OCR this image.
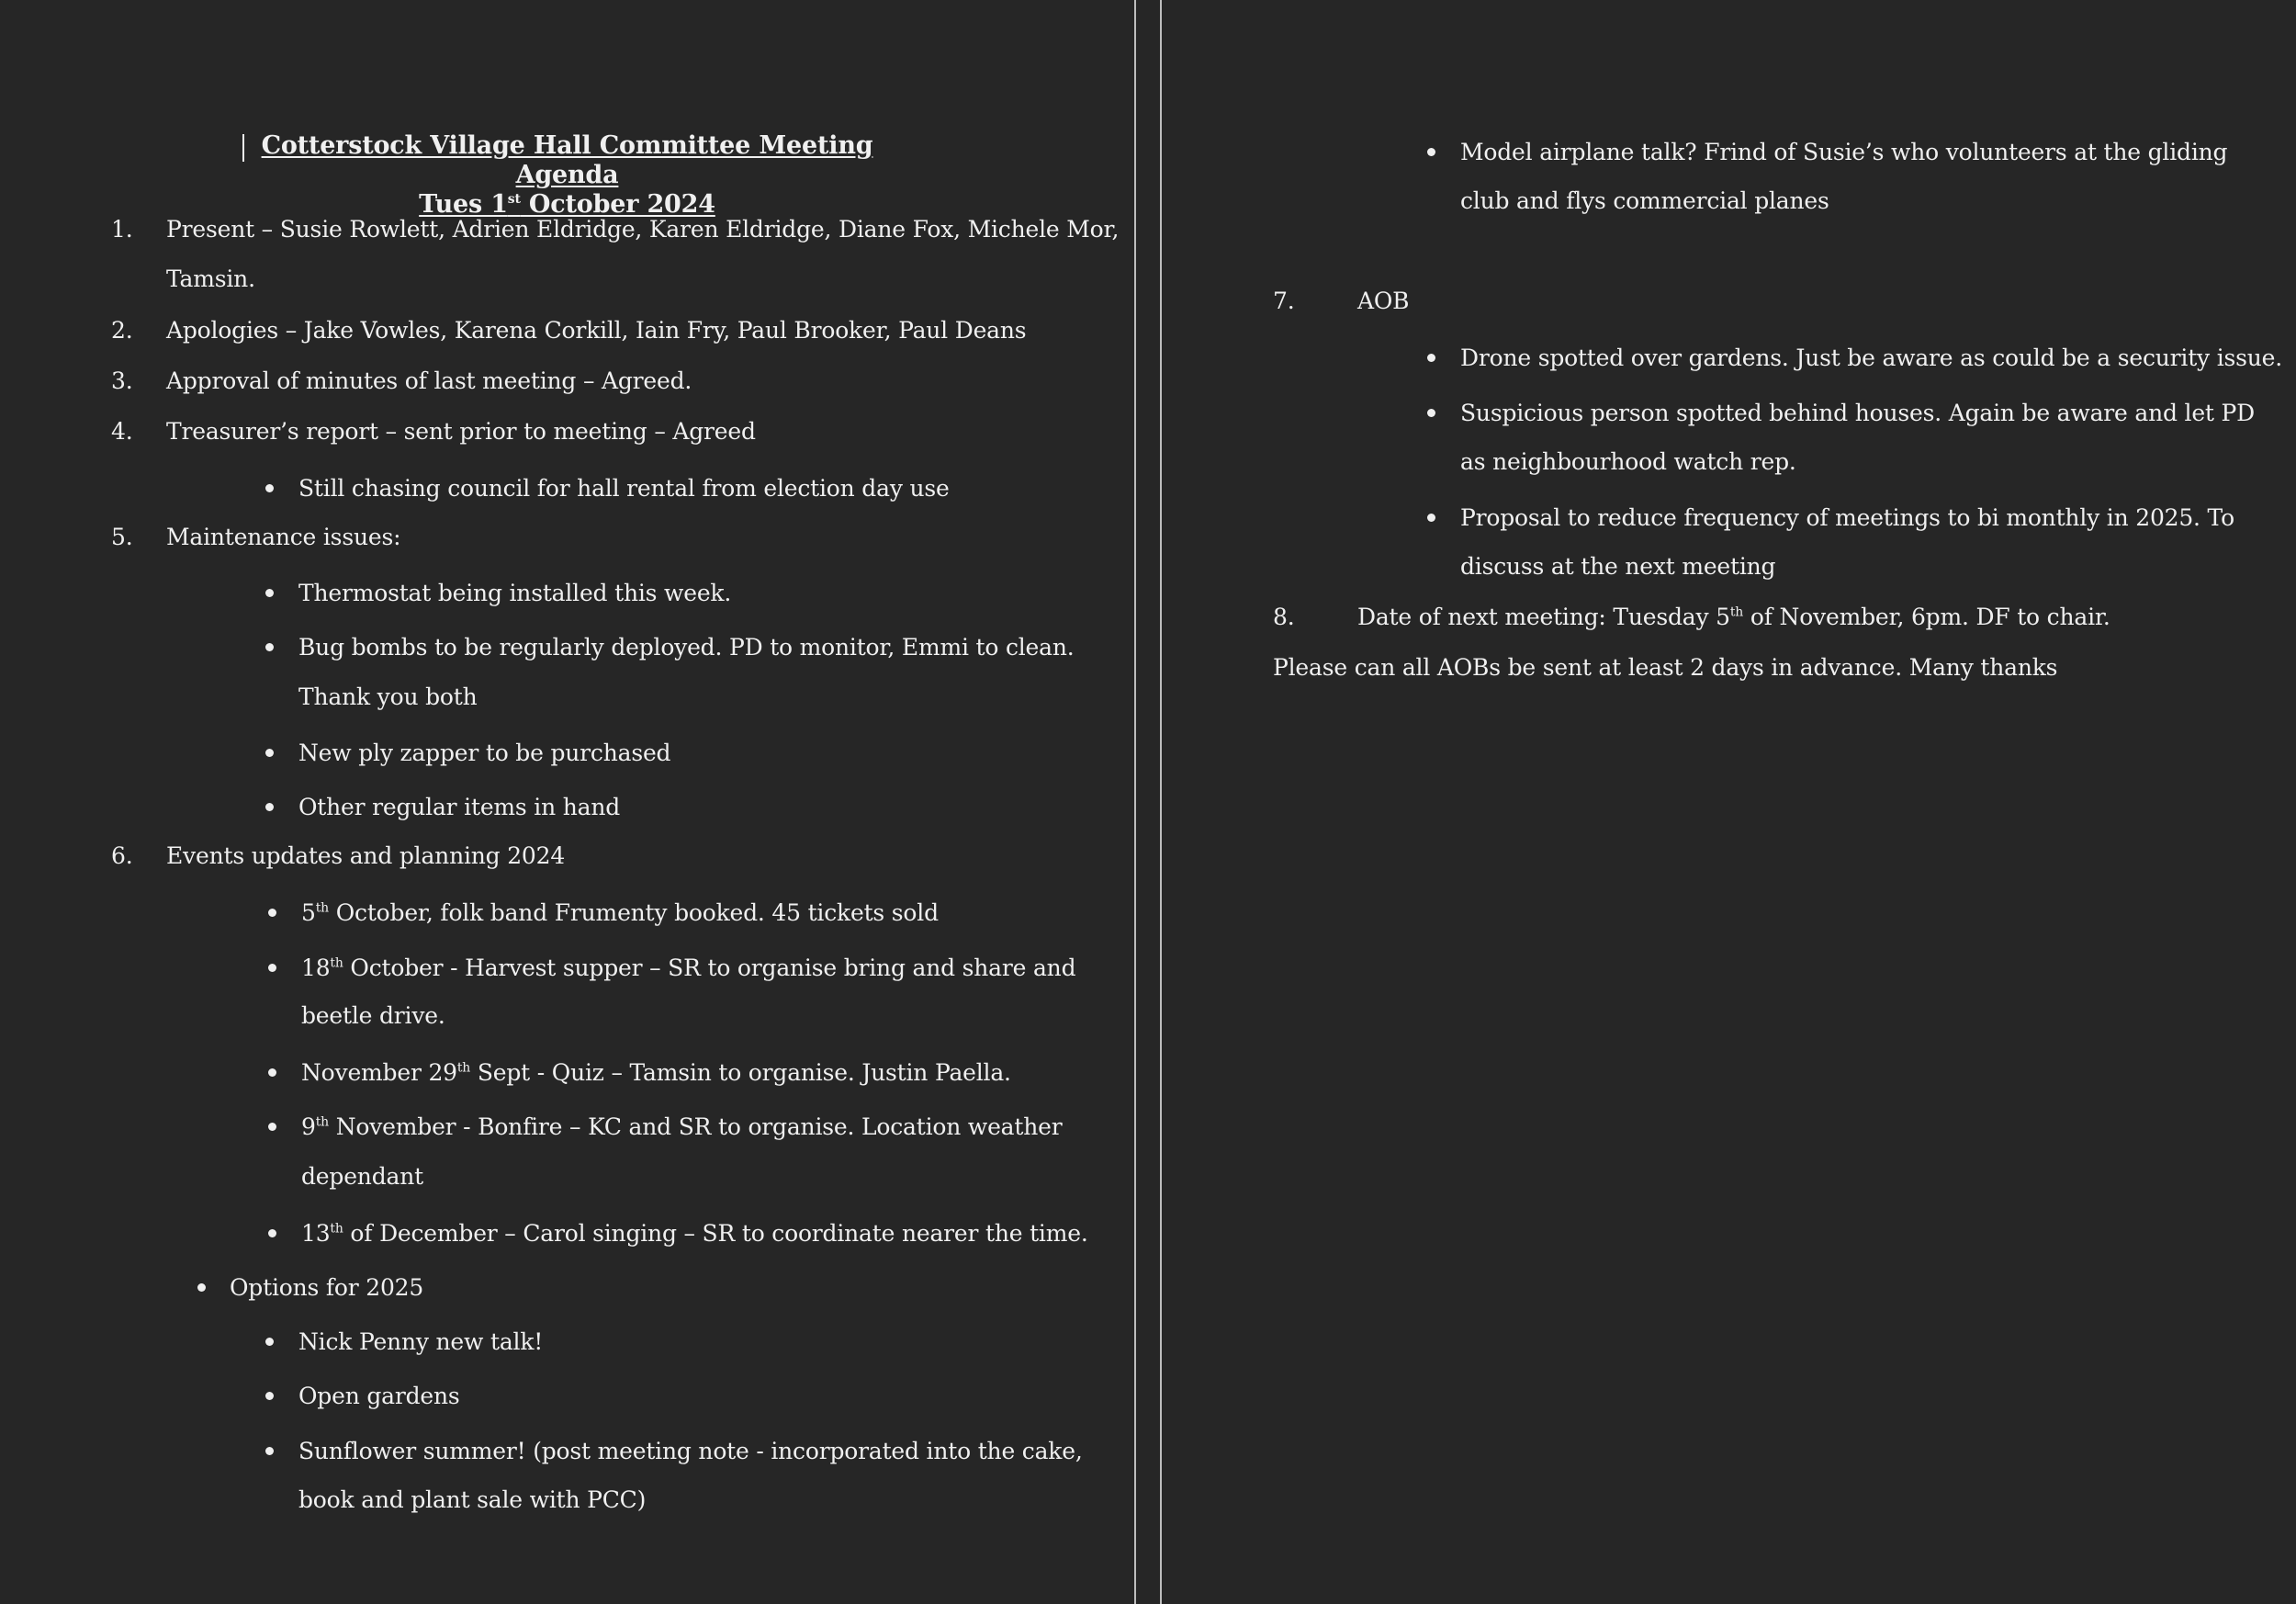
Cotterstock Village Hall Committee Meeting Agenda
Tues 1st October 2024
1. Present – Susie Rowlett, Adrien Eldridge, Karen Eldridge, Diane Fox, Michele Mor,
Tamsin.
2. Apologies – Jake Vowles, Karena Corkill, Iain Fry, Paul Brooker, Paul Deans
3. Approval of minutes of last meeting – Agreed.
4. Treasurer’s report – sent prior to meeting – Agreed
Still chasing council for hall rental from election day use
5. Maintenance issues:
Thermostat being installed this week.
Bug bombs to be regularly deployed. PD to monitor, Emmi to clean.
Thank you both
New ply zapper to be purchased
Other regular items in hand
6. Events updates and planning 2024
5th October, folk band Frumenty booked. 45 tickets sold
18th October - Harvest supper – SR to organise bring and share and
beetle drive.
November 29th Sept - Quiz – Tamsin to organise. Justin Paella.
9th November - Bonfire – KC and SR to organise. Location weather
dependant
13th of December – Carol singing – SR to coordinate nearer the time.
Options for 2025
Nick Penny new talk!
Open gardens
Sunflower summer! (post meeting note - incorporated into the cake,
book and plant sale with PCC)
Model airplane talk? Frind of Susie’s who volunteers at the gliding
club and flys commercial planes
7.	AOB
Drone spotted over gardens. Just be aware as could be a security issue.
Suspicious person spotted behind houses. Again be aware and let PD
as neighbourhood watch rep.
Proposal to reduce frequency of meetings to bi monthly in 2025. To
discuss at the next meeting
8.	Date of next meeting: Tuesday 5th of November, 6pm. DF to chair.
Please can all AOBs be sent at least 2 days in advance. Many thanks
